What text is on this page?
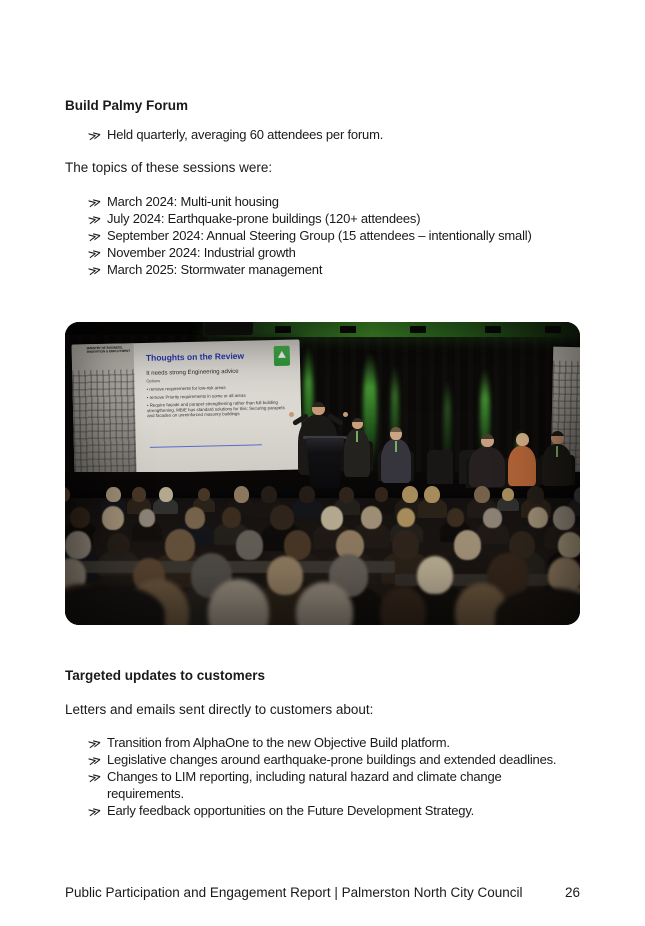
Build Palmy Forum
≫ Held quarterly, averaging 60 attendees per forum.
The topics of these sessions were:
≫ March 2024: Multi-unit housing
≫ July 2024: Earthquake-prone buildings (120+ attendees)
≫ September 2024: Annual Steering Group (15 attendees – intentionally small)
≫ November 2024: Industrial growth
≫ March 2025: Stormwater management
MINISTRY OF BUSINESS, INNOVATION & EMPLOYMENT	Thoughts on the Review
It needs strong Engineering advice
Options
• remove requirements for low-risk areas
• remove Priority requirements in some or all areas
• Require façade and parapet strengthening rather than full building strengthening, MBIE has standard solutions for this: Securing parapets and facades on unreinforced masonry buildings
Targeted updates to customers
Letters and emails sent directly to customers about:
≫ Transition from AlphaOne to the new Objective Build platform.
≫ Legislative changes around earthquake-prone buildings and extended deadlines.
≫ Changes to LIM reporting, including natural hazard and climate change
requirements.
≫ Early feedback opportunities on the Future Development Strategy.
Public Participation and Engagement Report | Palmerston North City Council	26
